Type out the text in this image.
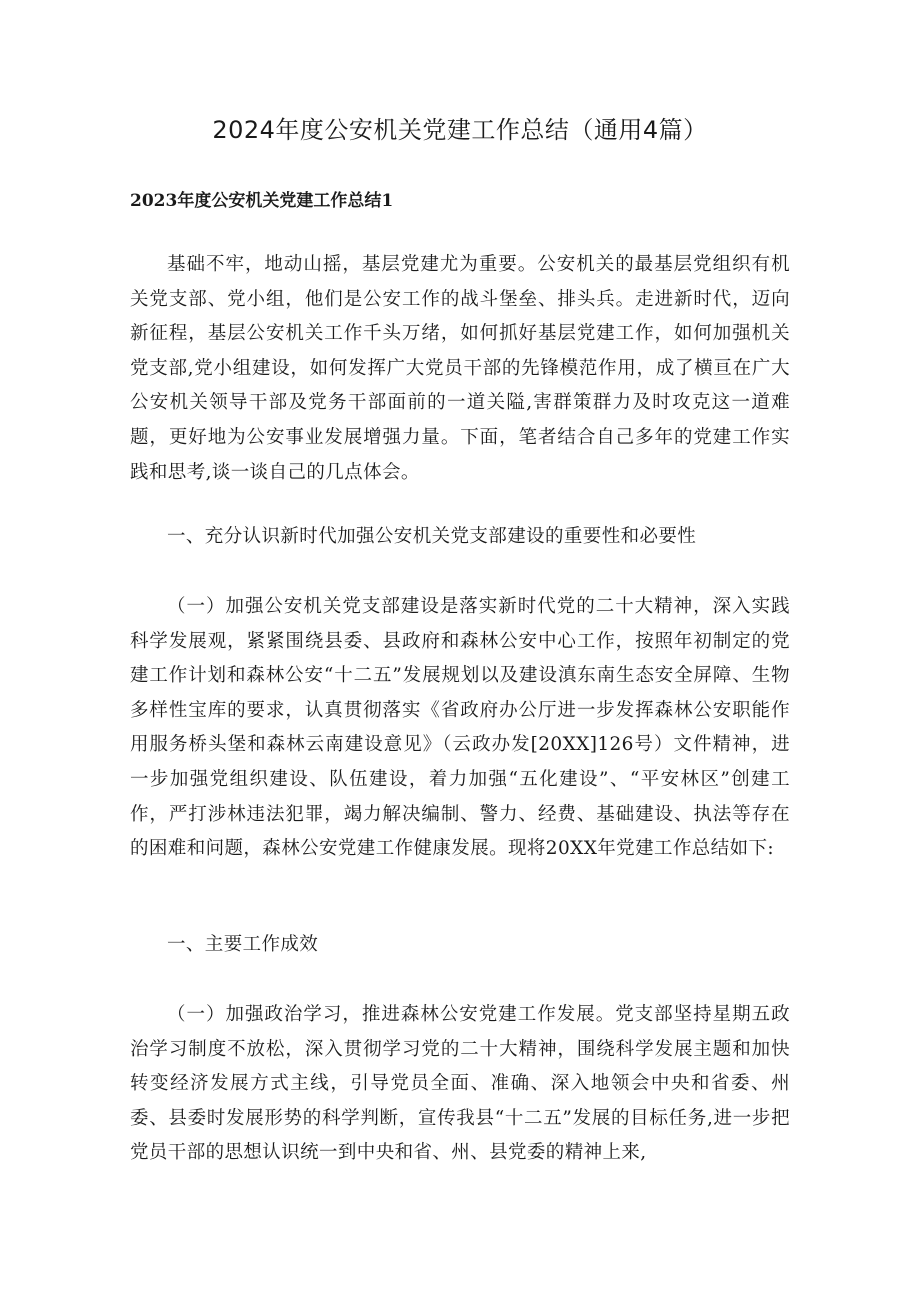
2024年度公安机关党建工作总结（通用4篇）
2023年度公安机关党建工作总结1

基础不牢，地动山摇，基层党建尤为重要。公安机关的最基层党组织有机关党支部、党小组，他们是公安工作的战斗堡垒、排头兵。走进新时代，迈向新征程，基层公安机关工作千头万绪，如何抓好基层党建工作，如何加强机关党支部,党小组建设，如何发挥广大党员干部的先锋模范作用，成了横亘在广大公安机关领导干部及党务干部面前的一道关隘,害群策群力及时攻克这一道难题，更好地为公安事业发展增强力量。下面，笔者结合自己多年的党建工作实践和思考,谈一谈自己的几点体会。

一、充分认识新时代加强公安机关党支部建设的重要性和必要性

（一）加强公安机关党支部建设是落实新时代党的二十大精神，深入实践科学发展观，紧紧围绕县委、县政府和森林公安中心工作，按照年初制定的党建工作计划和森林公安“十二五”发展规划以及建设滇东南生态安全屏障、生物多样性宝库的要求，认真贯彻落实《省政府办公厅进一步发挥森林公安职能作用服务桥头堡和森林云南建设意见》（云政办发[20XX]126号）文件精神，进一步加强党组织建设、队伍建设，着力加强“五化建设”、“平安林区”创建工作，严打涉林违法犯罪，竭力解决编制、警力、经费、基础建设、执法等存在的困难和问题，森林公安党建工作健康发展。现将20XX年党建工作总结如下:

一、主要工作成效

（一）加强政治学习，推进森林公安党建工作发展。党支部坚持星期五政治学习制度不放松，深入贯彻学习党的二十大精神，围绕科学发展主题和加快转变经济发展方式主线，引导党员全面、准确、深入地领会中央和省委、州委、县委时发展形势的科学判断，宣传我县“十二五”发展的目标任务,进一步把党员干部的思想认识统一到中央和省、州、县党委的精神上来,
